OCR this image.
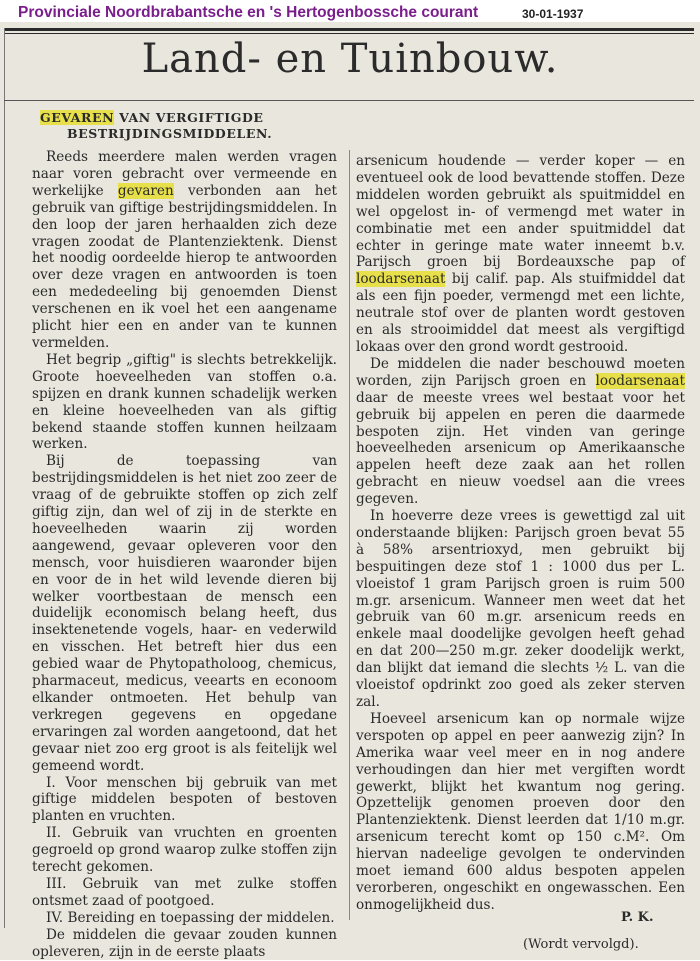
Provinciale Noordbrabantsche en 's Hertogenbossche courant	30-01-1937
Land- en Tuinbouw.
GEVAREN VAN VERGIFTIGDE
BESTRIJDINGSMIDDELEN.

Reeds meerdere malen werden vragen naar voren gebracht over vermeende en werkelijke gevaren verbonden aan het gebruik van giftige bestrijdingsmiddelen. In den loop der jaren herhaalden zich deze vragen zoodat de Plantenziektenk. Dienst het noodig oordeelde hierop te antwoorden over deze vragen en antwoorden is toen een mededeeling bij genoemden Dienst verschenen en ik voel het een aangename plicht hier een en ander van te kunnen vermelden.

Het begrip „giftig" is slechts betrekkelijk. Groote hoeveelheden van stoffen o.a. spijzen en drank kunnen schadelijk werken en kleine hoeveelheden van als giftig bekend staande stoffen kunnen heilzaam werken.

Bij de toepassing van bestrijdingsmiddelen is het niet zoo zeer de vraag of de gebruikte stoffen op zich zelf giftig zijn, dan wel of zij in de sterkte en hoeveelheden waarin zij worden aangewend, gevaar opleveren voor den mensch, voor huisdieren waaronder bijen en voor de in het wild levende dieren bij welker voortbestaan de mensch een duidelijk economisch belang heeft, dus insektenetende vogels, haar- en vederwild en visschen. Het betreft hier dus een gebied waar de Phytopatholoog, chemicus, pharmaceut, medicus, veearts en econoom elkander ontmoeten. Het behulp van verkregen gegevens en opgedane ervaringen zal worden aangetoond, dat het gevaar niet zoo erg groot is als feitelijk wel gemeend wordt.

I. Voor menschen bij gebruik van met giftige middelen bespoten of bestoven planten en vruchten.

II. Gebruik van vruchten en groenten gegroeld op grond waarop zulke stoffen zijn terecht gekomen.

III. Gebruik van met zulke stoffen ontsmet zaad of pootgoed.

IV. Bereiding en toepassing der middelen.

De middelen die gevaar zouden kunnen opleveren, zijn in de eerste plaats

arsenicum houdende — verder koper — en eventueel ook de lood bevattende stoffen. Deze middelen worden gebruikt als spuitmiddel en wel opgelost in- of vermengd met water in combinatie met een ander spuitmiddel dat echter in geringe mate water inneemt b.v. Parijsch groen bij Bordeauxsche pap of loodarsenaat bij calif. pap. Als stuifmiddel dat als een fijn poeder, vermengd met een lichte, neutrale stof over de planten wordt gestoven en als strooimiddel dat meest als vergiftigd lokaas over den grond wordt gestrooid.

De middelen die nader beschouwd moeten worden, zijn Parijsch groen en loodarsenaat daar de meeste vrees wel bestaat voor het gebruik bij appelen en peren die daarmede bespoten zijn. Het vinden van geringe hoeveelheden arsenicum op Amerikaansche appelen heeft deze zaak aan het rollen gebracht en nieuw voedsel aan die vrees gegeven.

In hoeverre deze vrees is gewettigd zal uit onderstaande blijken: Parijsch groen bevat 55 à 58% arsentrioxyd, men gebruikt bij bespuitingen deze stof 1 : 1000 dus per L. vloeistof 1 gram Parijsch groen is ruim 500 m.gr. arsenicum. Wanneer men weet dat het gebruik van 60 m.gr. arsenicum reeds en enkele maal doodelijke gevolgen heeft gehad en dat 200—250 m.gr. zeker doodelijk werkt, dan blijkt dat iemand die slechts ½ L. van die vloeistof opdrinkt zoo goed als zeker sterven zal.

Hoeveel arsenicum kan op normale wijze verspoten op appel en peer aanwezig zijn? In Amerika waar veel meer en in nog andere verhoudingen dan hier met vergiften wordt gewerkt, blijkt het kwantum nog gering. Opzettelijk genomen proeven door den Plantenziektenk. Dienst leerden dat 1/10 m.gr. arsenicum terecht komt op 150 c.M². Om hiervan nadeelige gevolgen te ondervinden moet iemand 600 aldus bespoten appelen verorberen, ongeschikt en ongewasschen. Een onmogelijkheid dus.

P. K.
(Wordt vervolgd).
